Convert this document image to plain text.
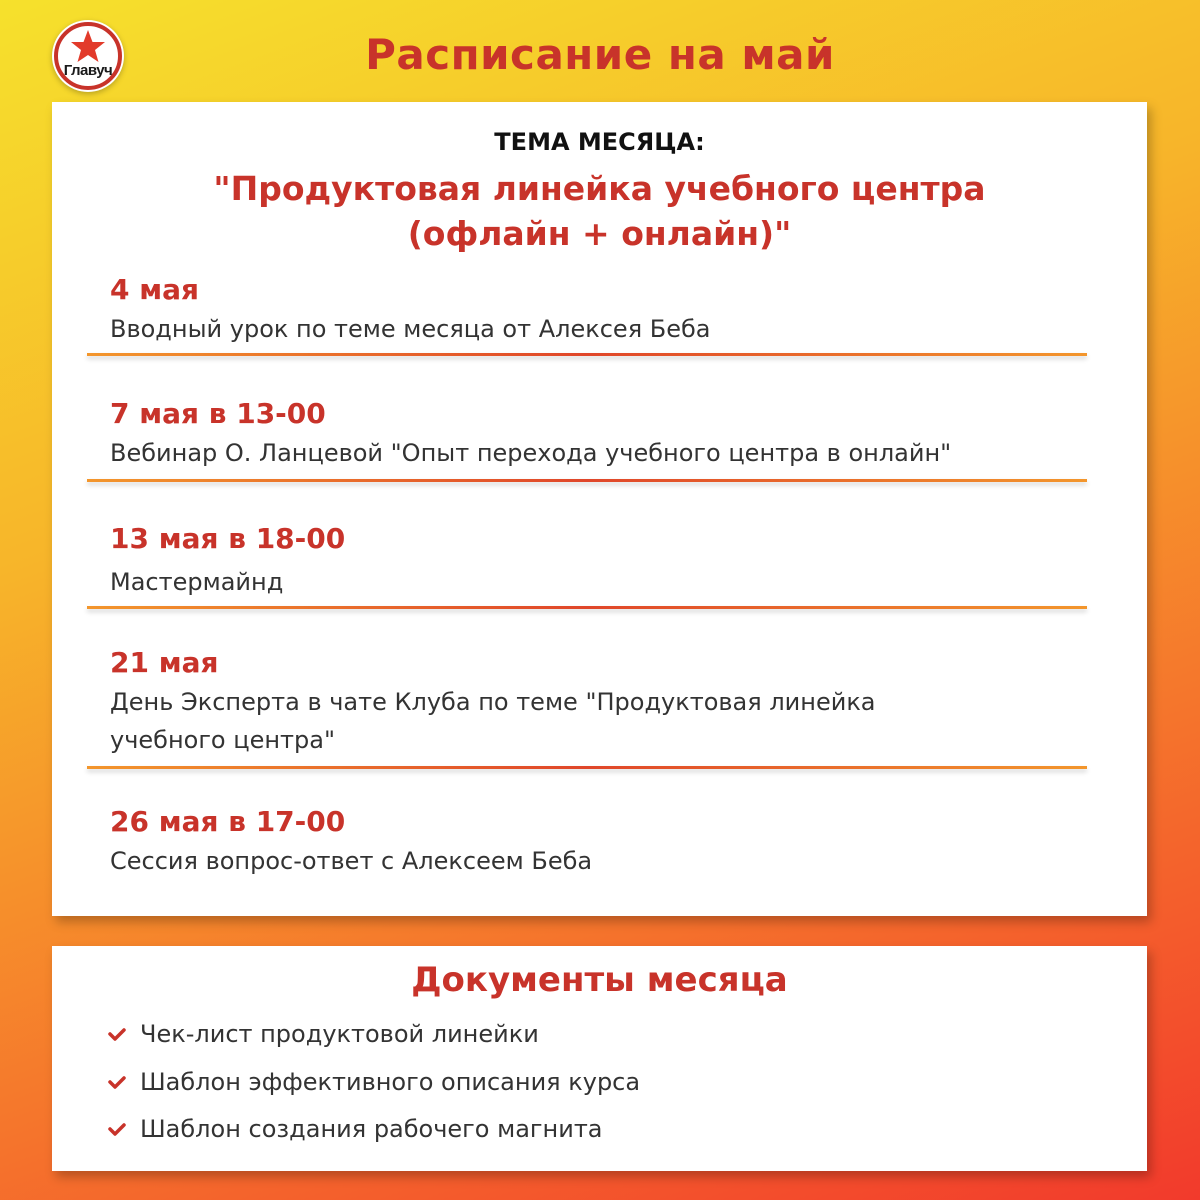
Главуч	Расписание на май
ТЕМА МЕСЯЦА:
"Продуктовая линейка учебного центра (офлайн + онлайн)"
4 мая
Вводный урок по теме месяца от Алексея Беба
7 мая в 13-00
Вебинар О. Ланцевой "Опыт перехода учебного центра в онлайн"
13 мая в 18-00
Мастермайнд
21 мая
День Эксперта в чате Клуба по теме "Продуктовая линейка учебного центра"
26 мая в 17-00
Сессия вопрос-ответ с Алексеем Беба
Документы месяца
Чек-лист продуктовой линейки
Шаблон эффективного описания курса
Шаблон создания рабочего магнита
